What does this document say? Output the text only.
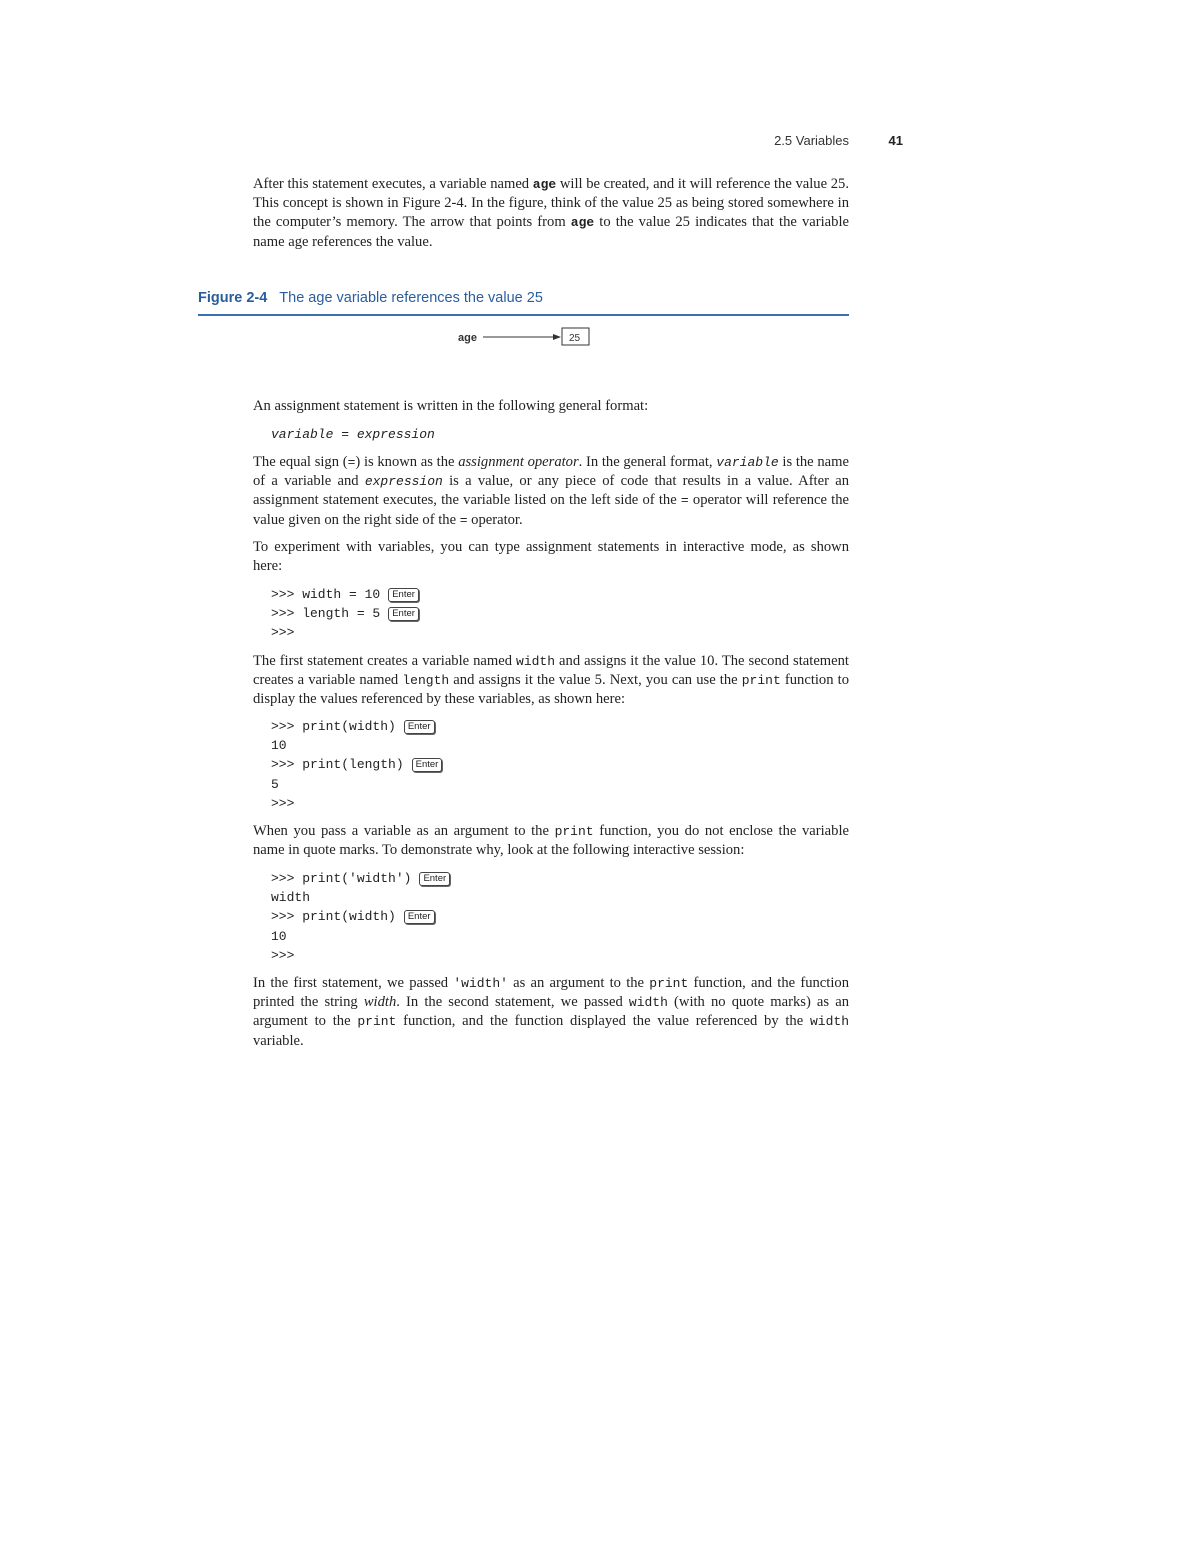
2.5 Variables	41

After this statement executes, a variable named age will be created, and it will reference the value 25. This concept is shown in Figure 2-4. In the figure, think of the value 25 as being stored somewhere in the computer’s memory. The arrow that points from age to the value 25 indicates that the variable name age references the value.

Figure 2-4 The age variable references the value 25
age	25

An assignment statement is written in the following general format:

variable = expression

The equal sign (=) is known as the assignment operator. In the general format, variable is the name of a variable and expression is a value, or any piece of code that results in a value. After an assignment statement executes, the variable listed on the left side of the = operator will reference the value given on the right side of the = operator.

To experiment with variables, you can type assignment statements in interactive mode, as shown here:

>>> width = 10	Enter
>>> length = 5	Enter
>>>

The first statement creates a variable named width and assigns it the value 10. The second statement creates a variable named length and assigns it the value 5. Next, you can use the print function to display the values referenced by these variables, as shown here:

>>> print(width)	Enter
10
>>> print(length)	Enter
5
>>>

When you pass a variable as an argument to the print function, you do not enclose the variable name in quote marks. To demonstrate why, look at the following interactive session:

>>> print('width')	Enter
width
>>> print(width)	Enter
10
>>>

In the first statement, we passed 'width' as an argument to the print function, and the function printed the string width. In the second statement, we passed width (with no quote marks) as an argument to the print function, and the function displayed the value referenced by the width variable.
